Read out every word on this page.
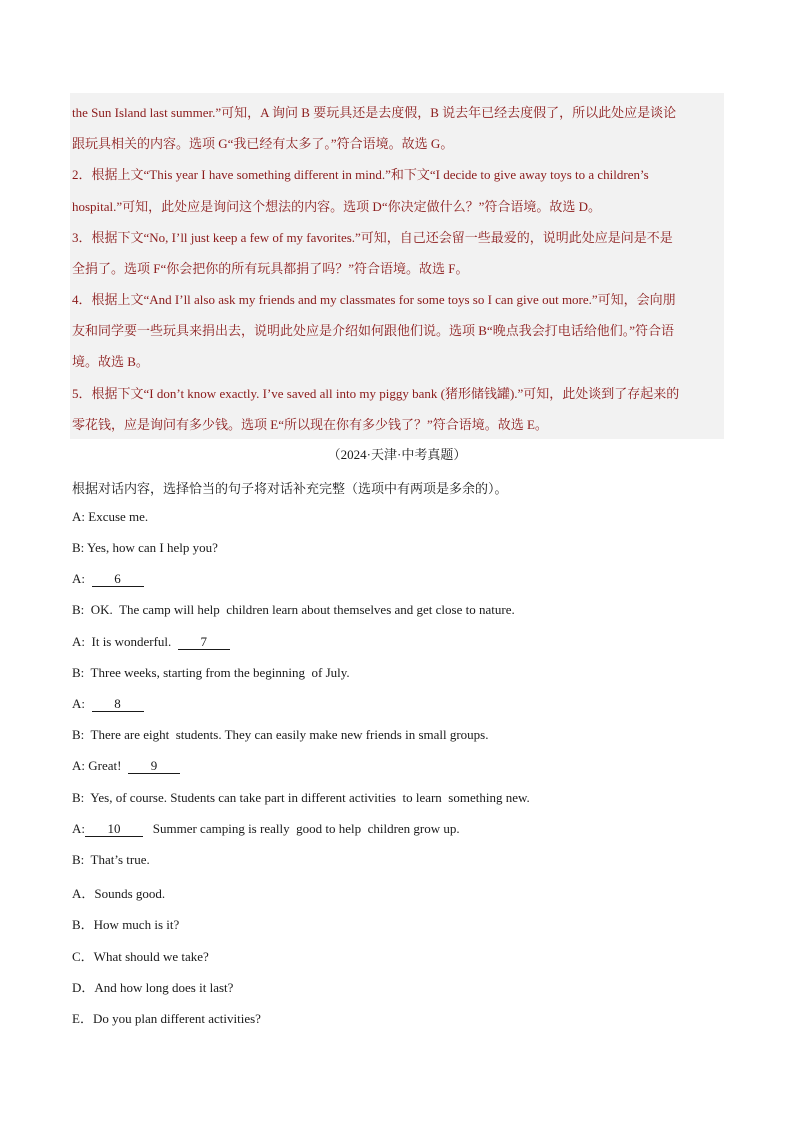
the Sun Island last summer.”可知，A 询问 B 要玩具还是去度假，B 说去年已经去度假了，所以此处应是谈论
跟玩具相关的内容。选项 G“我已经有太多了。”符合语境。故选 G。
2．根据上文“This year I have something different in mind.”和下文“I decide to give away toys to a children’s
hospital.”可知，此处应是询问这个想法的内容。选项 D“你决定做什么？”符合语境。故选 D。
3．根据下文“No, I’ll just keep a few of my favorites.”可知，自己还会留一些最爱的，说明此处应是问是不是
全捐了。选项 F“你会把你的所有玩具都捐了吗？”符合语境。故选 F。
4．根据上文“And I’ll also ask my friends and my classmates for some toys so I can give out more.”可知，会向朋
友和同学要一些玩具来捐出去，说明此处应是介绍如何跟他们说。选项 B“晚点我会打电话给他们。”符合语
境。故选 B。
5．根据下文“I don’t know exactly. I’ve saved all into my piggy bank (猪形储钱罐).”可知，此处谈到了存起来的
零花钱，应是询问有多少钱。选项 E“所以现在你有多少钱了？”符合语境。故选 E。
（2024·天津·中考真题）
根据对话内容，选择恰当的句子将对话补充完整（选项中有两项是多余的）。
A: Excuse me.
B: Yes, how can I help you?
A:  6
B:  OK.  The camp will help  children learn about themselves and get close to nature.
A:  It is wonderful.  7
B:  Three weeks, starting from the beginning  of July.
A:  8
B:  There are eight  students. They can easily make new friends in small groups.
A: Great!  9
B:  Yes, of course. Students can take part in different activities  to learn  something new.
A: 10   Summer camping is really  good to help  children grow up.
B:  That’s true.
A．Sounds good.
B．How much is it?
C．What should we take?
D．And how long does it last?
E．Do you plan different activities?
